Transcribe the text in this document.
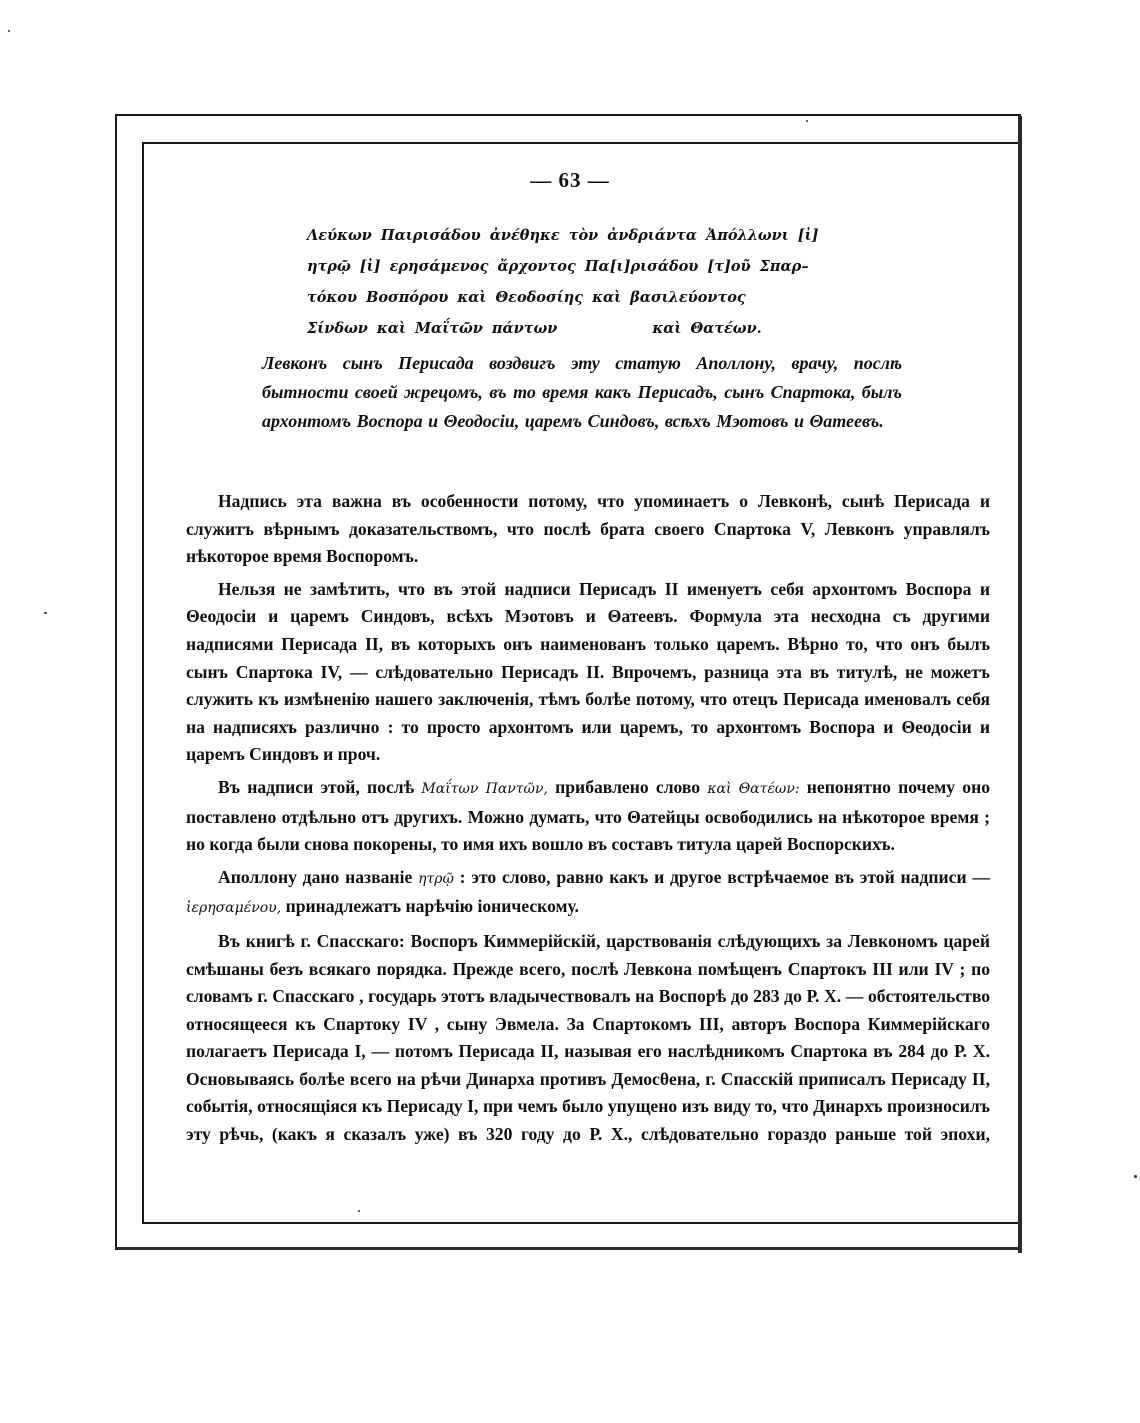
— 63 —
Λεύκων Παιρισάδου ἀνέθηκε τὸν ἀνδριάντα Ἀπόλλωνι [ἰ]
ητρῷ [ἰ] ερησάμενος ἄρχοντος Πα[ι]ρισάδου [τ]οῦ Σπαρ–
τόκου Βοσπόρου καὶ Θεοδοσίης καὶ βασιλεύοντος
Σίνδων καὶ Μαΐτῶν πάντων	καὶ Θατέων.
Левконъ сынъ Перисада воздвигъ эту статую Аполлону, врачу, послѣ бытности своей жрецомъ, въ то время какъ Перисадъ, сынъ Спартока, былъ архонтомъ Воспора и Θеодосіи, царемъ Синдовъ, всѣхъ Мэотовъ и Θатеевъ.

Надпись эта важна въ особенности потому, что упоминаетъ о Левконѣ, сынѣ Перисада и служитъ вѣрнымъ доказательствомъ, что послѣ брата своего Спартока V, Левконъ управлялъ нѣкоторое время Воспоромъ.

Нельзя не замѣтить, что въ этой надписи Перисадъ II именуетъ себя архонтомъ Воспора и Θеодосіи и царемъ Синдовъ, всѣхъ Мэотовъ и Θатеевъ. Формула эта несходна съ другими надписями Перисада II, въ которыхъ онъ наименованъ только царемъ. Вѣрно то, что онъ былъ сынъ Спартока IV, — слѣдовательно Перисадъ II. Впрочемъ, разница эта въ титулѣ, не можетъ служить къ измѣненію нашего заключенія, тѣмъ болѣе потому, что отецъ Перисада именовалъ себя на надписяхъ различно : то просто архонтомъ или царемъ, то архонтомъ Воспора и Θеодосіи и царемъ Синдовъ и проч.

Въ надписи этой, послѣ Μαΐτων Παντῶν, прибавлено слово καὶ Θατέων: непонятно почему оно поставлено отдѣльно отъ другихъ. Можно думать, что Θатейцы освободились на нѣкоторое время ; но когда были снова покорены, то имя ихъ вошло въ составъ титула царей Воспорскихъ.

Аполлону дано названіе ητρῷ : это слово, равно какъ и другое встрѣчаемое въ этой надписи — ἱερησαμένου, принадлежатъ нарѣчію іоническому.

Въ книгѣ г. Спасскаго: Воспоръ Киммерійскій, царствованія слѣдующихъ за Левкономъ царей смѣшаны безъ всякаго порядка. Прежде всего, послѣ Левкона помѣщенъ Спартокъ III или IV ; по словамъ г. Спасскаго , государь этотъ владычествовалъ на Воспорѣ до 283 до Р. X. — обстоятельство относящееся къ Спартоку IV , сыну Эвмела. За Спартокомъ III, авторъ Воспора Киммерійскаго полагаетъ Перисада I, — потомъ Перисада II, называя его наслѣдникомъ Спартока въ 284 до Р. X. Основываясь болѣе всего на рѣчи Динарха противъ Демосθена, г. Спасскій приписалъ Перисаду II, событія, относящіяся къ Перисаду I, при чемъ было упущено изъ виду то, что Динархъ произносилъ эту рѣчь, (какъ я сказалъ уже) въ 320 году до Р. X., слѣдовательно гораздо раньше той эпохи,
